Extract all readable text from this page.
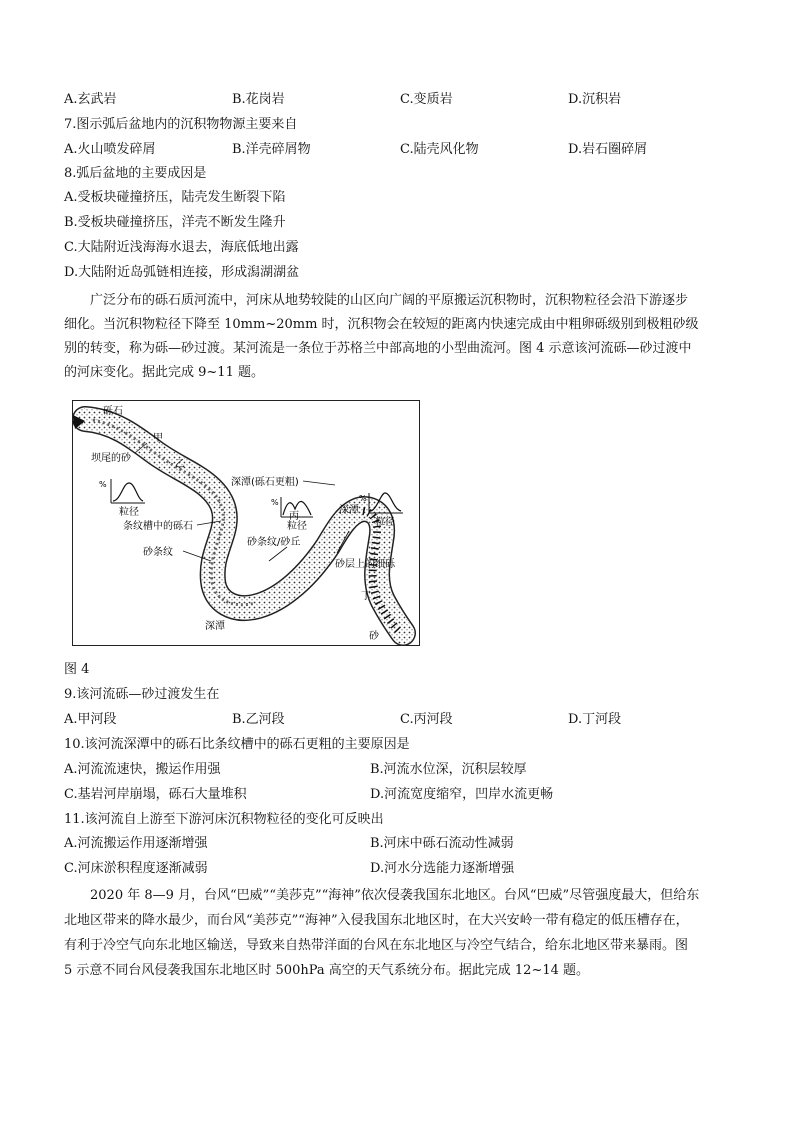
A.玄武岩	B.花岗岩	C.变质岩	D.沉积岩
7.图示弧后盆地内的沉积物物源主要来自
A.火山喷发碎屑	B.洋壳碎屑物	C.陆壳风化物	D.岩石圈碎屑
8.弧后盆地的主要成因是
A.受板块碰撞挤压，陆壳发生断裂下陷
B.受板块碰撞挤压，洋壳不断发生隆升
C.大陆附近浅海海水退去，海底低地出露
D.大陆附近岛弧链相连接，形成潟湖湖盆
广泛分布的砾石质河流中，河床从地势较陡的山区向广阔的平原搬运沉积物时，沉积物粒径会沿下游逐步
细化。当沉积物粒径下降至 10mm~20mm 时，沉积物会在较短的距离内快速完成由中粗卵砾级别到极粗砂级
别的转变，称为砾—砂过渡。某河流是一条位于苏格兰中部高地的小型曲流河。图 4 示意该河流砾—砂过渡中
的河床变化。据此完成 9~11 题。
砾石
甲
坝尾的砂
%
粒径
乙
深潭(砾石更粗)
%
粒径
条纹槽中的砾石
砂条纹
砂条纹/砂丘
丙
深潭
%
粒径
砂层上的细砾
丁
深潭
砂
图 4
9.该河流砾—砂过渡发生在
A.甲河段	B.乙河段	C.丙河段	D.丁河段
10.该河流深潭中的砾石比条纹槽中的砾石更粗的主要原因是
A.河流流速快，搬运作用强	B.河流水位深，沉积层较厚
C.基岩河岸崩塌，砾石大量堆积	D.河流宽度缩窄，凹岸水流更畅
11.该河流自上游至下游河床沉积物粒径的变化可反映出
A.河流搬运作用逐渐增强	B.河床中砾石流动性减弱
C.河床淤积程度逐渐减弱	D.河水分选能力逐渐增强
2020 年 8—9 月，台风“巴威”“美莎克”“海神”依次侵袭我国东北地区。台风“巴威”尽管强度最大，但给东
北地区带来的降水最少，而台风“美莎克”“海神”入侵我国东北地区时，在大兴安岭一带有稳定的低压槽存在，
有利于冷空气向东北地区输送，导致来自热带洋面的台风在东北地区与冷空气结合，给东北地区带来暴雨。图
5 示意不同台风侵袭我国东北地区时 500hPa 高空的天气系统分布。据此完成 12~14 题。
